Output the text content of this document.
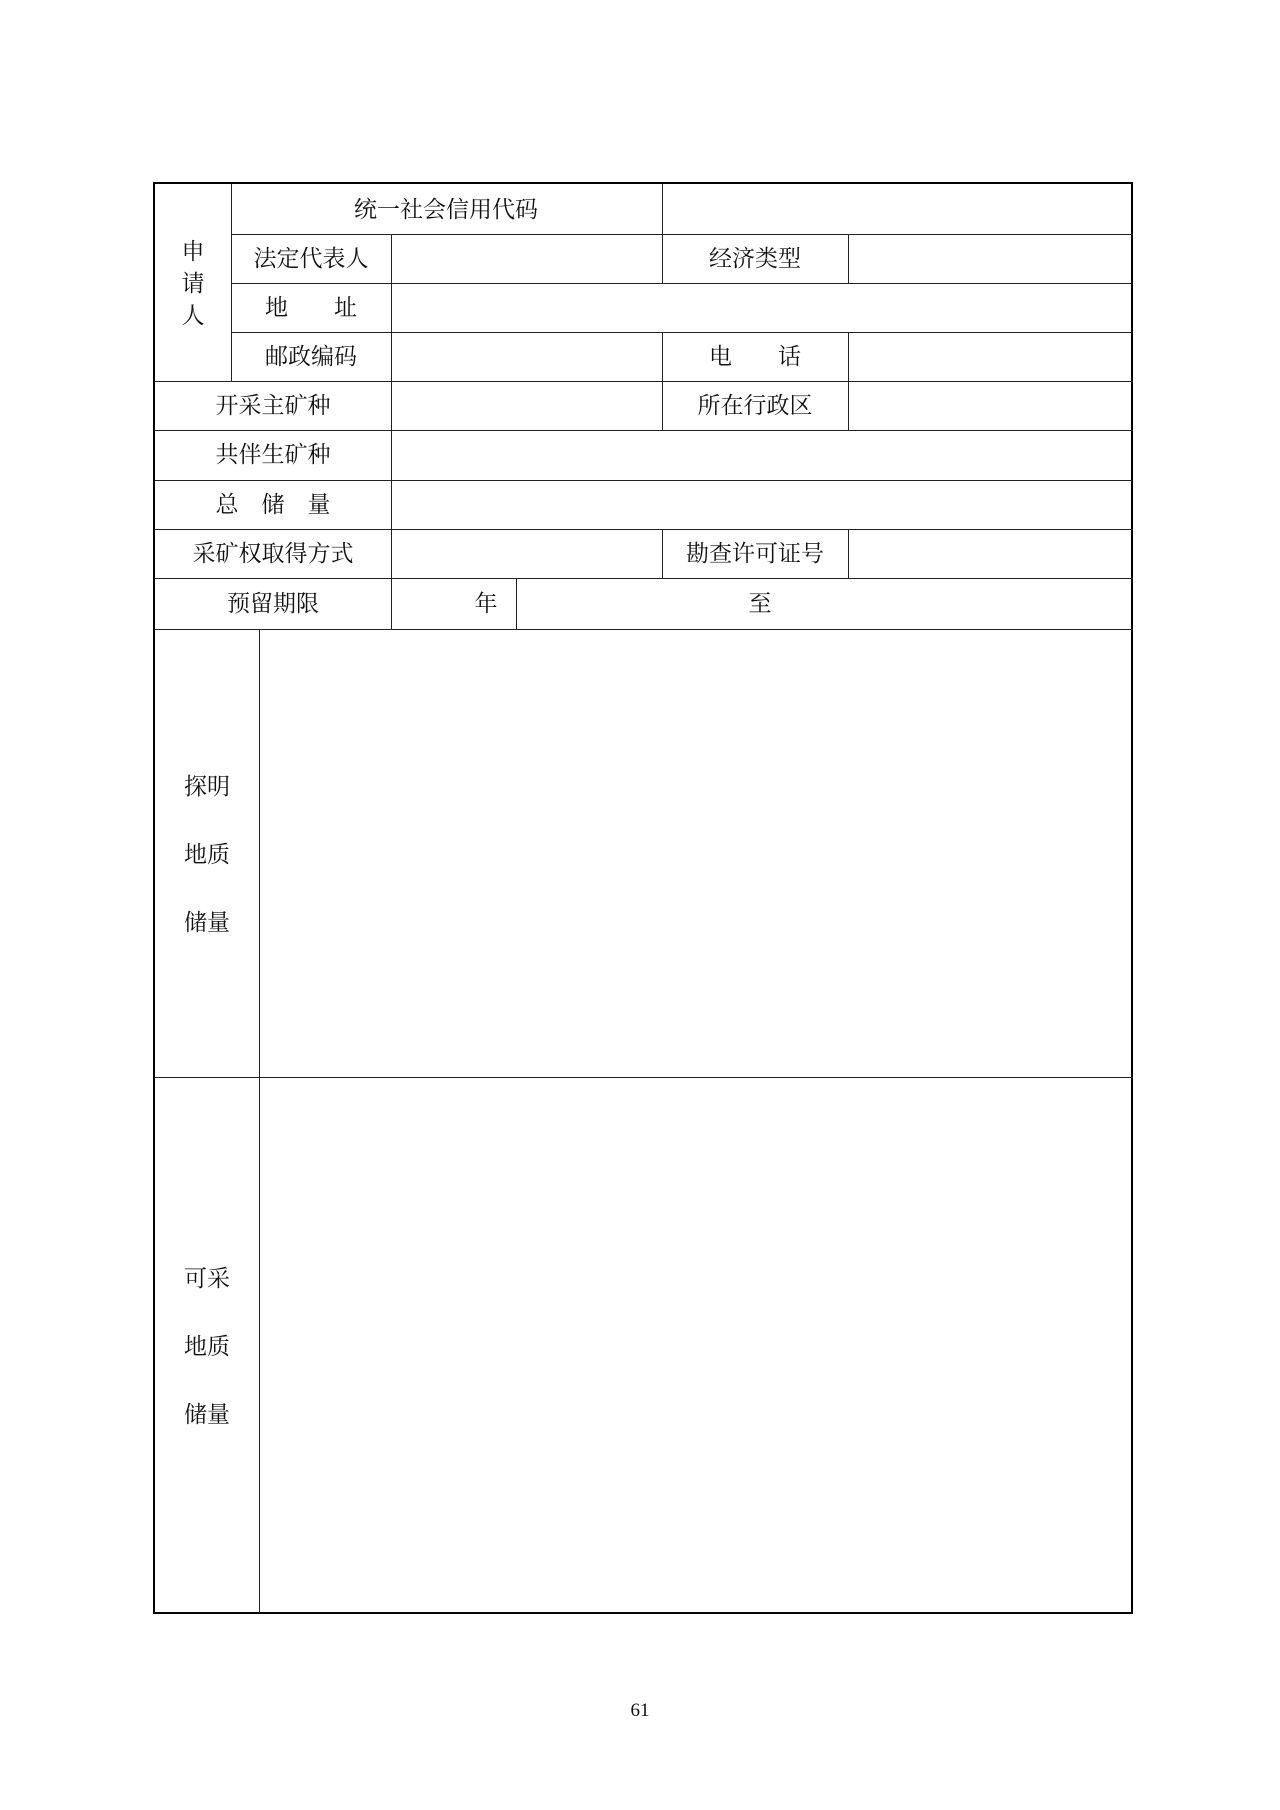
申
请
人
统一社会信用代码
法定代表人	经济类型
地　　址
邮政编码	电　　话
开采主矿种	所在行政区
共伴生矿种
总　储　量
采矿权取得方式	勘查许可证号
预留期限	年	至
探明
地质
储量
可采
地质
储量
61
